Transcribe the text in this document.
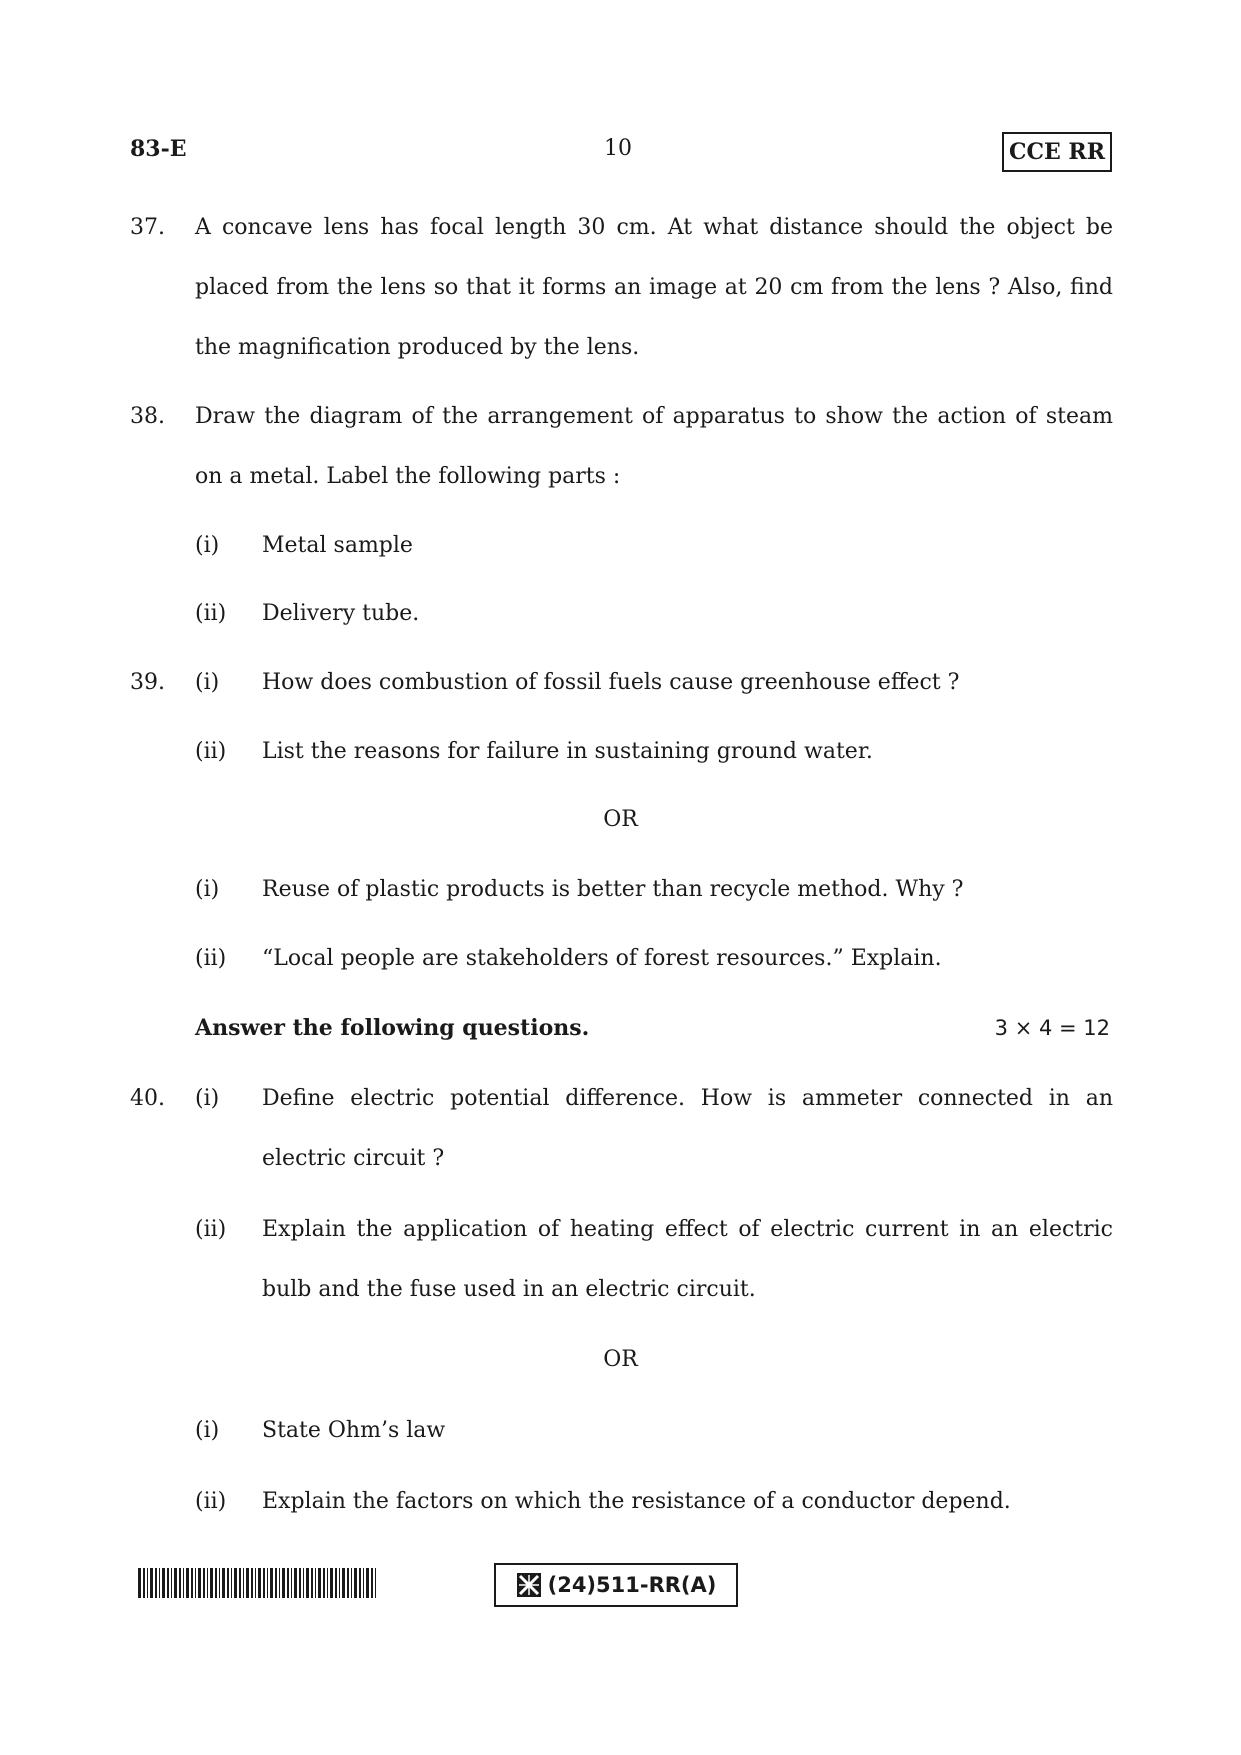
83-E	10	CCE RR
37. A concave lens has focal length 30 cm. At what distance should the object be
placed from the lens so that it forms an image at 20 cm from the lens ? Also, find
the magnification produced by the lens.
38. Draw the diagram of the arrangement of apparatus to show the action of steam
on a metal. Label the following parts :
(i) Metal sample
(ii) Delivery tube.
39. (i) How does combustion of fossil fuels cause greenhouse effect ?
(ii) List the reasons for failure in sustaining ground water.
OR
(i) Reuse of plastic products is better than recycle method. Why ?
(ii) “Local people are stakeholders of forest resources.” Explain.
Answer the following questions.	3 × 4 = 12
40. (i) Define electric potential difference. How is ammeter connected in an
electric circuit ?
(ii) Explain the application of heating effect of electric current in an electric
bulb and the fuse used in an electric circuit.
OR
(i) State Ohm’s law
(ii) Explain the factors on which the resistance of a conductor depend.
(24)511-RR(A)
